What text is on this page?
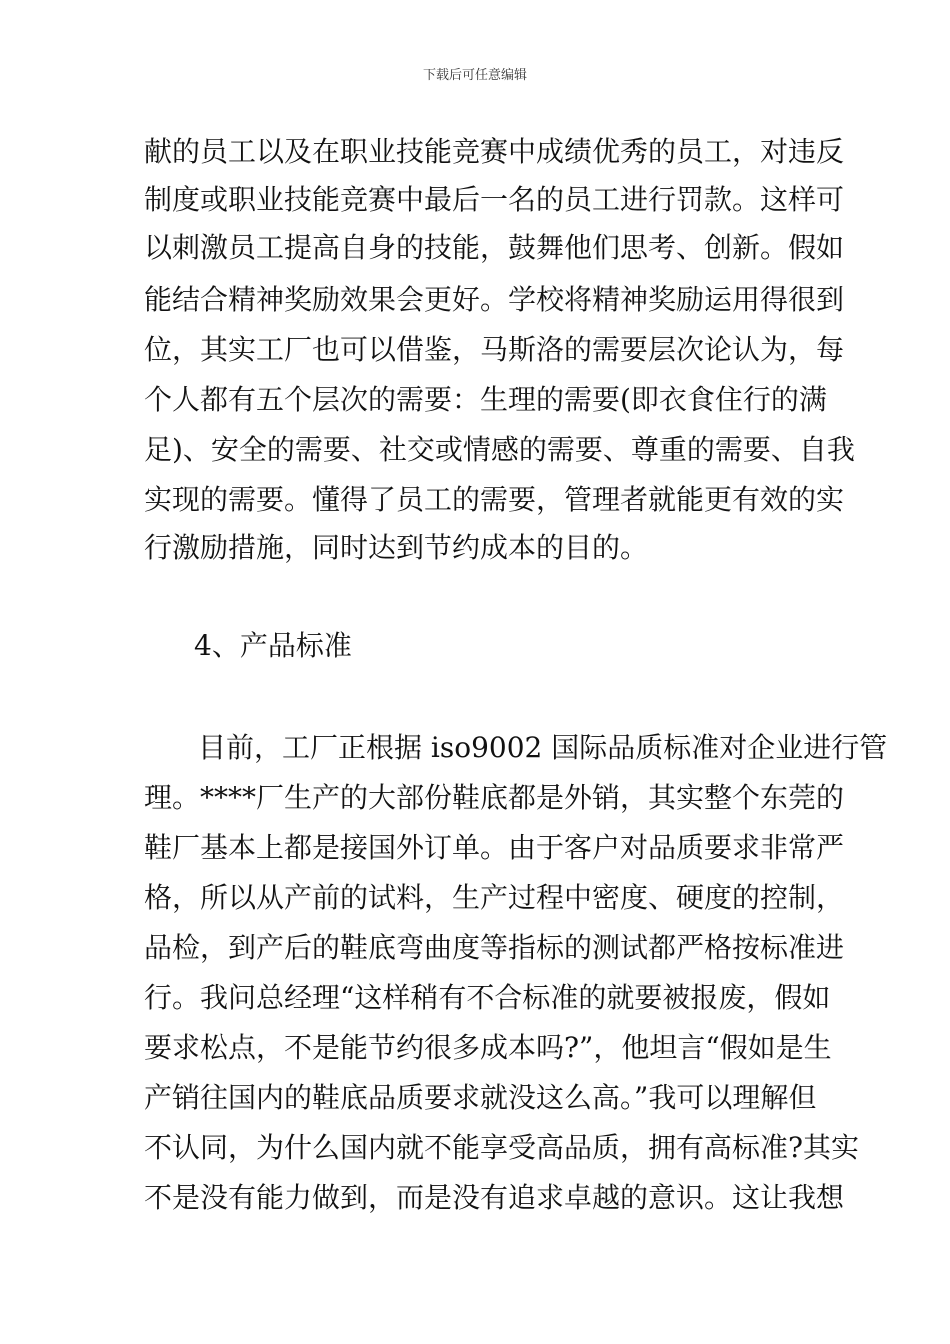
下载后可任意编辑
献的员工以及在职业技能竞赛中成绩优秀的员工，对违反
制度或职业技能竞赛中最后一名的员工进行罚款。这样可
以刺激员工提高自身的技能，鼓舞他们思考、创新。假如
能结合精神奖励效果会更好。学校将精神奖励运用得很到
位，其实工厂也可以借鉴，马斯洛的需要层次论认为，每
个人都有五个层次的需要：生理的需要(即衣食住行的满
足)、安全的需要、社交或情感的需要、尊重的需要、自我
实现的需要。懂得了员工的需要，管理者就能更有效的实
行激励措施，同时达到节约成本的目的。
4、产品标准
目前，工厂正根据 iso9002 国际品质标准对企业进行管
理。****厂生产的大部份鞋底都是外销，其实整个东莞的
鞋厂基本上都是接国外订单。由于客户对品质要求非常严
格，所以从产前的试料，生产过程中密度、硬度的控制，
品检，到产后的鞋底弯曲度等指标的测试都严格按标准进
行。我问总经理“这样稍有不合标准的就要被报废，假如
要求松点，不是能节约很多成本吗?”，他坦言“假如是生
产销往国内的鞋底品质要求就没这么高。”我可以理解但
不认同，为什么国内就不能享受高品质，拥有高标准?其实
不是没有能力做到，而是没有追求卓越的意识。这让我想
